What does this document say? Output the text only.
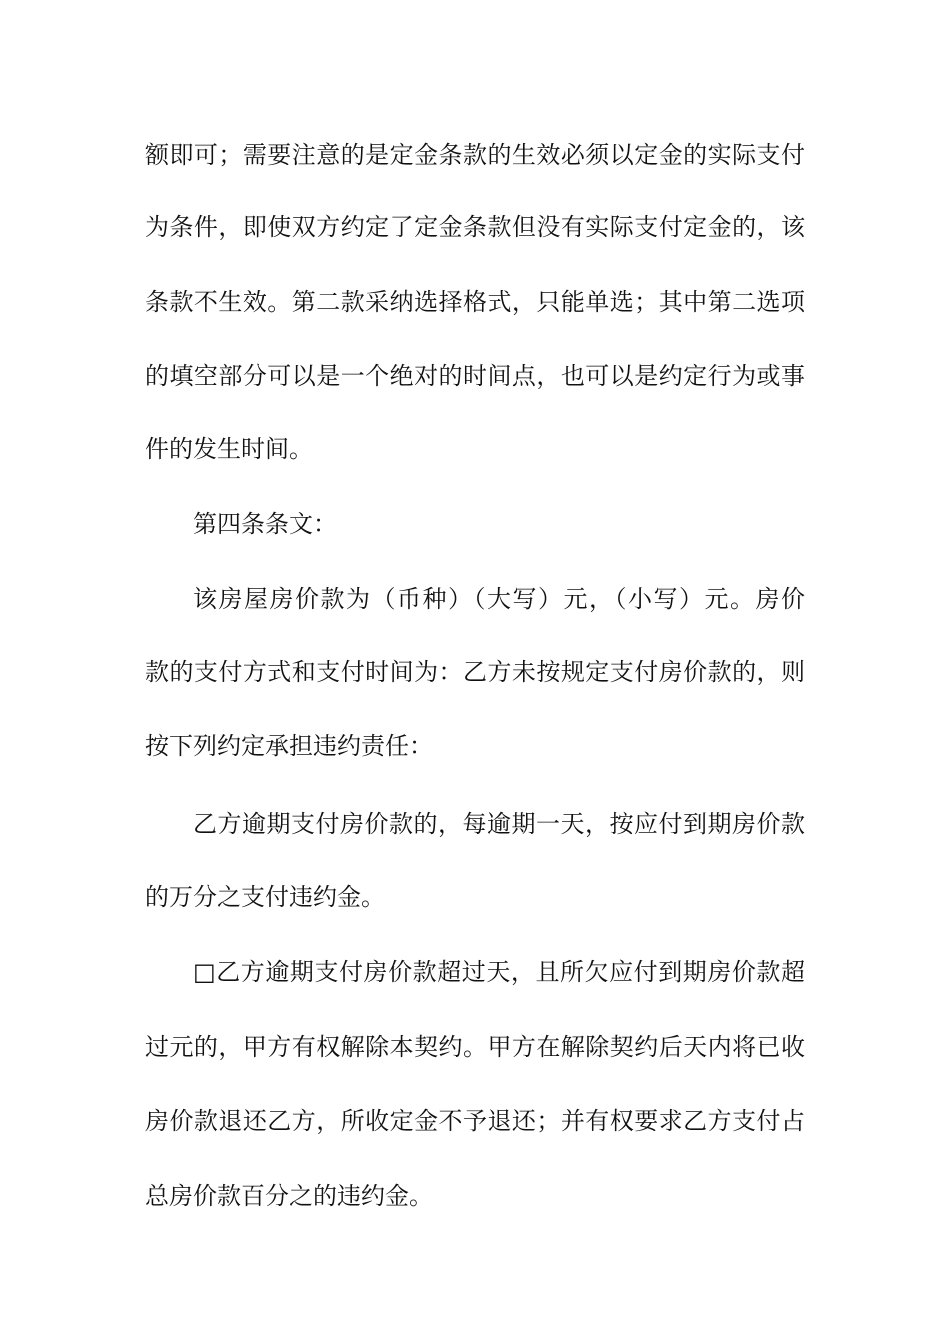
额即可；需要注意的是定金条款的生效必须以定金的实际支付
为条件，即使双方约定了定金条款但没有实际支付定金的，该
条款不生效。第二款采纳选择格式，只能单选；其中第二选项
的填空部分可以是一个绝对的时间点，也可以是约定行为或事
件的发生时间。
第四条条文：
该房屋房价款为（币种）（大写）元，（小写）元。房价
款的支付方式和支付时间为：乙方未按规定支付房价款的，则
按下列约定承担违约责任：
乙方逾期支付房价款的，每逾期一天，按应付到期房价款
的万分之支付违约金。
□乙方逾期支付房价款超过天，且所欠应付到期房价款超
过元的，甲方有权解除本契约。甲方在解除契约后天内将已收
房价款退还乙方，所收定金不予退还；并有权要求乙方支付占
总房价款百分之的违约金。
